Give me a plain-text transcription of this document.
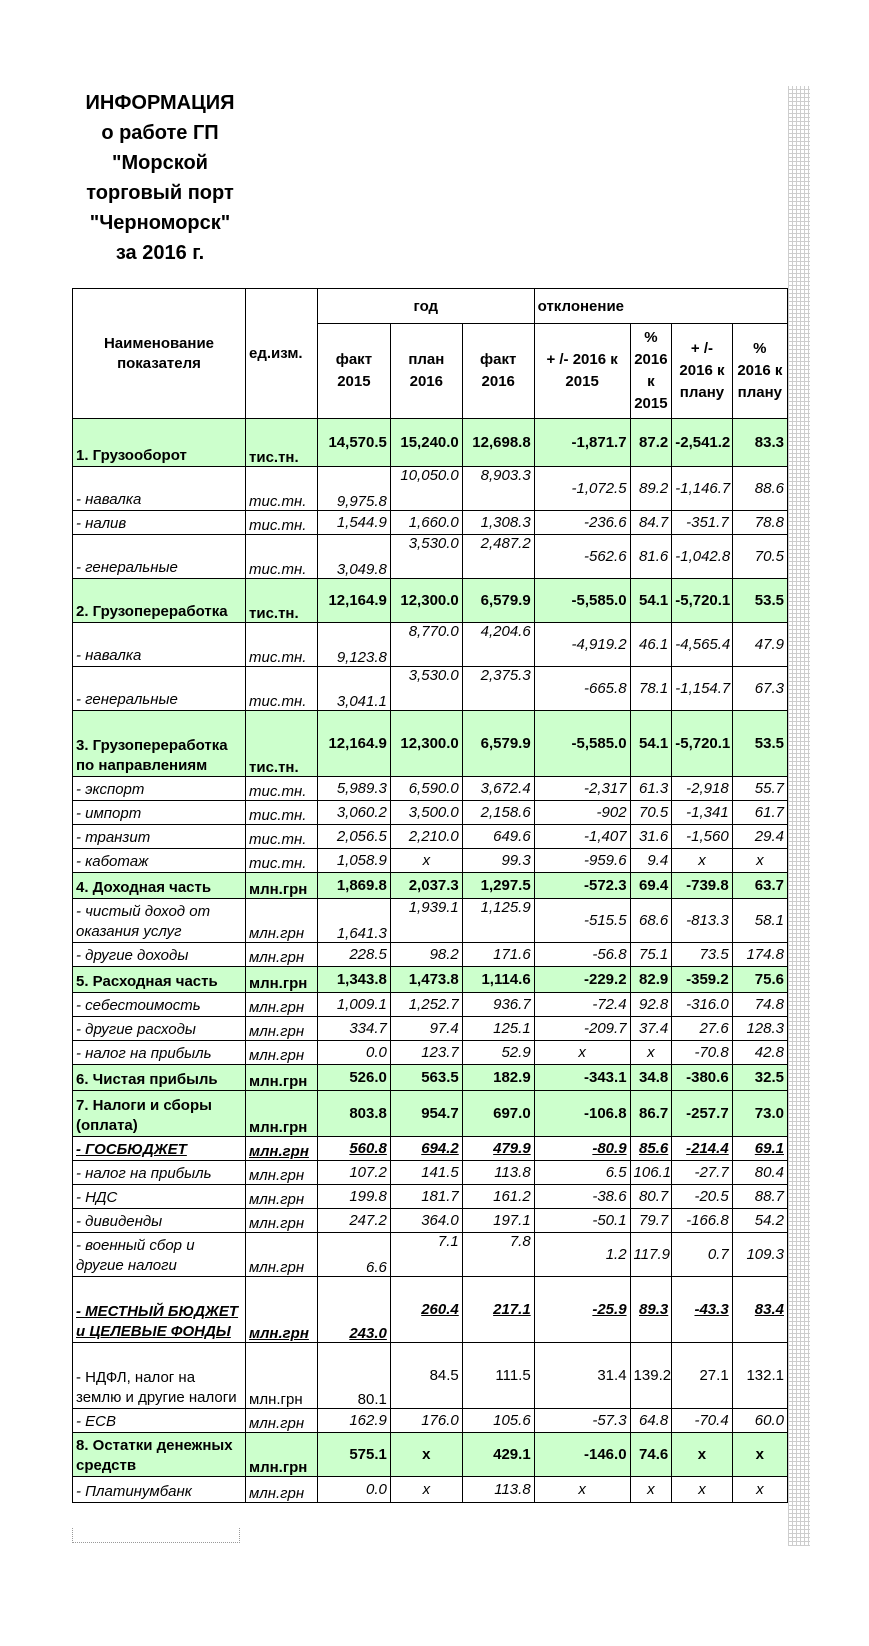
ИНФОРМАЦИЯ
о работе ГП
"Морской
торговый порт
"Черноморск"
за 2016 г.
Наименование показателя	ед.изм.	год			отклонение			
		факт 2015	план 2016	факт 2016	+ /- 2016 к 2015	% 2016 к 2015	+ /- 2016 к плану	% 2016 к плану
1. Грузооборот	тис.тн.	14,570.5	15,240.0	12,698.8	-1,871.7	87.2	-2,541.2	83.3
- навалка	тис.тн.	9,975.8	10,050.0	8,903.3	-1,072.5	89.2	-1,146.7	88.6
- налив	тис.тн.	1,544.9	1,660.0	1,308.3	-236.6	84.7	-351.7	78.8
- генеральные	тис.тн.	3,049.8	3,530.0	2,487.2	-562.6	81.6	-1,042.8	70.5
2. Грузопереработка	тис.тн.	12,164.9	12,300.0	6,579.9	-5,585.0	54.1	-5,720.1	53.5
- навалка	тис.тн.	9,123.8	8,770.0	4,204.6	-4,919.2	46.1	-4,565.4	47.9
- генеральные	тис.тн.	3,041.1	3,530.0	2,375.3	-665.8	78.1	-1,154.7	67.3
3. Грузопереработка по направлениям	тис.тн.	12,164.9	12,300.0	6,579.9	-5,585.0	54.1	-5,720.1	53.5
- экспорт	тис.тн.	5,989.3	6,590.0	3,672.4	-2,317	61.3	-2,918	55.7
- импорт	тис.тн.	3,060.2	3,500.0	2,158.6	-902	70.5	-1,341	61.7
- транзит	тис.тн.	2,056.5	2,210.0	649.6	-1,407	31.6	-1,560	29.4
- каботаж	тис.тн.	1,058.9	x	99.3	-959.6	9.4	x	x
4. Доходная часть	млн.грн	1,869.8	2,037.3	1,297.5	-572.3	69.4	-739.8	63.7
- чистый доход от оказания услуг	млн.грн	1,641.3	1,939.1	1,125.9	-515.5	68.6	-813.3	58.1
- другие доходы	млн.грн	228.5	98.2	171.6	-56.8	75.1	73.5	174.8
5. Расходная часть	млн.грн	1,343.8	1,473.8	1,114.6	-229.2	82.9	-359.2	75.6
- себестоимость	млн.грн	1,009.1	1,252.7	936.7	-72.4	92.8	-316.0	74.8
- другие расходы	млн.грн	334.7	97.4	125.1	-209.7	37.4	27.6	128.3
- налог на прибыль	млн.грн	0.0	123.7	52.9	x	x	-70.8	42.8
6. Чистая прибыль	млн.грн	526.0	563.5	182.9	-343.1	34.8	-380.6	32.5
7. Налоги и сборы (оплата)	млн.грн	803.8	954.7	697.0	-106.8	86.7	-257.7	73.0
- ГОСБЮДЖЕТ	млн.грн	560.8	694.2	479.9	-80.9	85.6	-214.4	69.1
- налог на прибыль	млн.грн	107.2	141.5	113.8	6.5	106.1	-27.7	80.4
- НДС	млн.грн	199.8	181.7	161.2	-38.6	80.7	-20.5	88.7
- дивиденды	млн.грн	247.2	364.0	197.1	-50.1	79.7	-166.8	54.2
- военный сбор и другие налоги	млн.грн	6.6	7.1	7.8	1.2	117.9	0.7	109.3
- МЕСТНЫЙ БЮДЖЕТ и ЦЕЛЕВЫЕ ФОНДЫ	млн.грн	243.0	260.4	217.1	-25.9	89.3	-43.3	83.4
- НДФЛ, налог на землю и другие налоги	млн.грн	80.1	84.5	111.5	31.4	139.2	27.1	132.1
- ЕСВ	млн.грн	162.9	176.0	105.6	-57.3	64.8	-70.4	60.0
8. Остатки денежных средств	млн.грн	575.1	x	429.1	-146.0	74.6	x	x
- Платинумбанк	млн.грн	0.0	x	113.8	x	x	x	x
